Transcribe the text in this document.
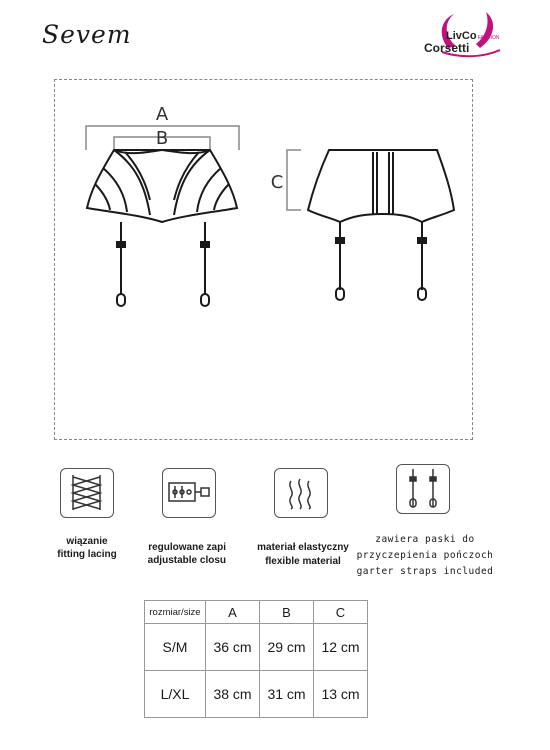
Sevem	LivCoFASHION
Corsetti
A
B
C
wiązanie
fitting lacing
regulowane zapi
adjustable closu
materiał elastyczny
flexible material
zawiera paski do
przyczepienia pończoch
garter straps included
rozmiar/size	A	B	C
S/M	36 cm	29 cm	12 cm
L/XL	38 cm	31 cm	13 cm
